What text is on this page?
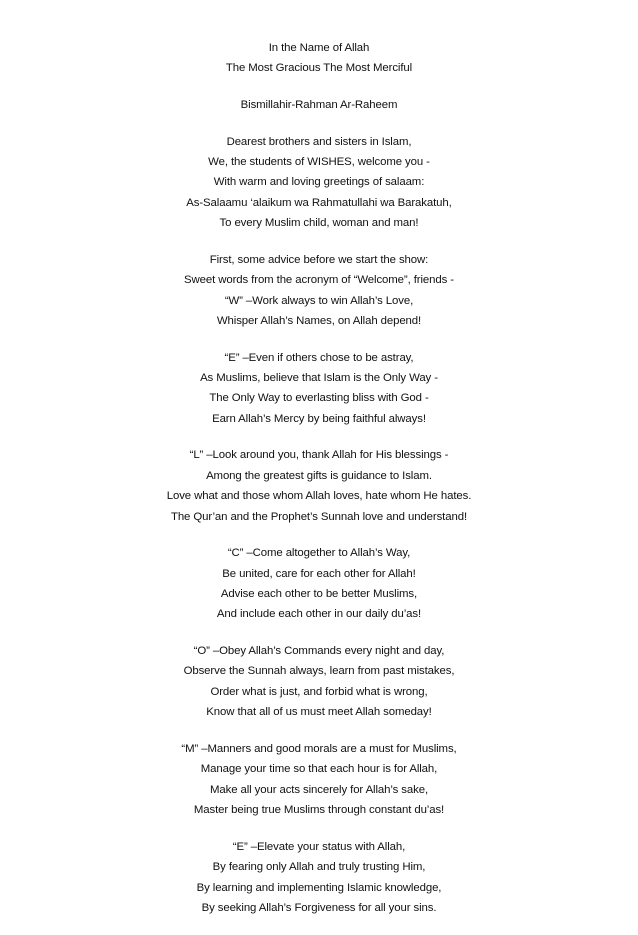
In the Name of Allah
The Most Gracious The Most Merciful
Bismillahir-Rahman Ar-Raheem
Dearest brothers and sisters in Islam,
We, the students of WISHES, welcome you -
With warm and loving greetings of salaam:
As-Salaamu ‘alaikum wa Rahmatullahi wa Barakatuh,
To every Muslim child, woman and man!
First, some advice before we start the show:
Sweet words from the acronym of “Welcome”, friends -
“W” –Work always to win Allah’s Love,
Whisper Allah’s Names, on Allah depend!
“E” –Even if others chose to be astray,
As Muslims, believe that Islam is the Only Way -
The Only Way to everlasting bliss with God -
Earn Allah’s Mercy by being faithful always!
“L” –Look around you, thank Allah for His blessings -
Among the greatest gifts is guidance to Islam.
Love what and those whom Allah loves, hate whom He hates.
The Qur’an and the Prophet’s Sunnah love and understand!
“C” –Come altogether to Allah’s Way,
Be united, care for each other for Allah!
Advise each other to be better Muslims,
And include each other in our daily du’as!
“O” –Obey Allah’s Commands every night and day,
Observe the Sunnah always, learn from past mistakes,
Order what is just, and forbid what is wrong,
Know that all of us must meet Allah someday!
“M” –Manners and good morals are a must for Muslims,
Manage your time so that each hour is for Allah,
Make all your acts sincerely for Allah’s sake,
Master being true Muslims through constant du’as!
“E” –Elevate your status with Allah,
By fearing only Allah and truly trusting Him,
By learning and implementing Islamic knowledge,
By seeking Allah’s Forgiveness for all your sins.
